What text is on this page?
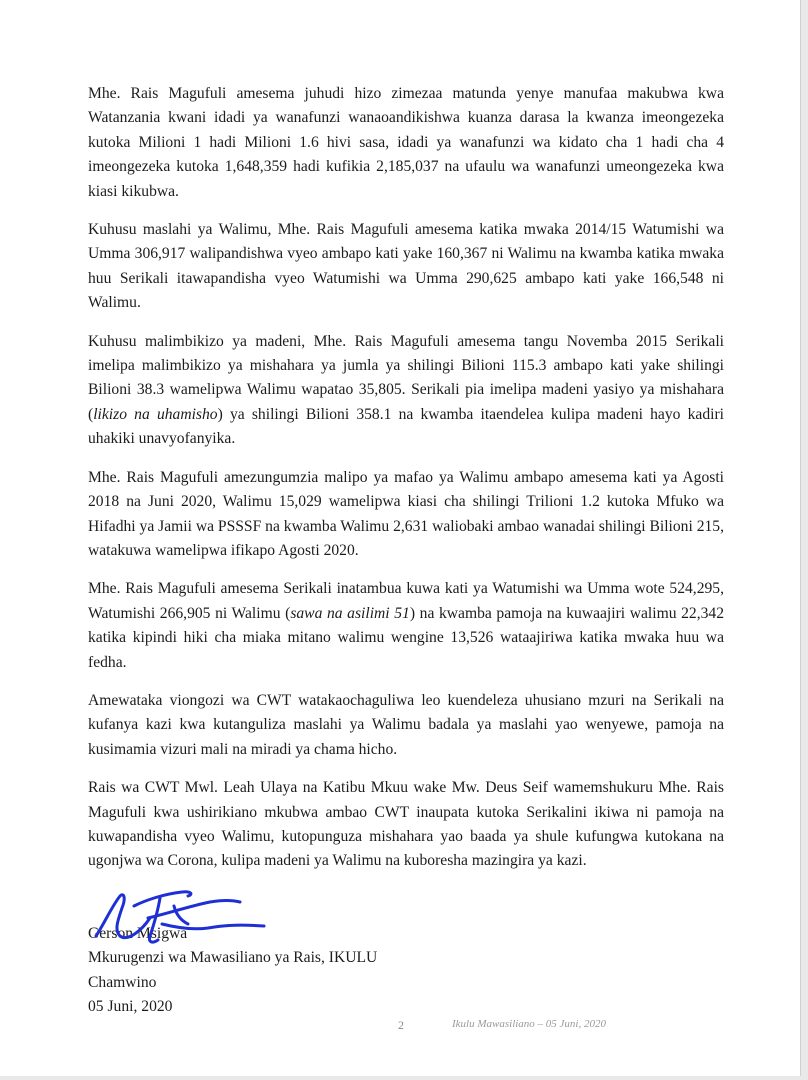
Mhe. Rais Magufuli amesema juhudi hizo zimezaa matunda yenye manufaa makubwa kwa Watanzania kwani idadi ya wanafunzi wanaoandikishwa kuanza darasa la kwanza imeongezeka kutoka Milioni 1 hadi Milioni 1.6 hivi sasa, idadi ya wanafunzi wa kidato cha 1 hadi cha 4 imeongezeka kutoka 1,648,359 hadi kufikia 2,185,037 na ufaulu wa wanafunzi umeongezeka kwa kiasi kikubwa.

Kuhusu maslahi ya Walimu, Mhe. Rais Magufuli amesema katika mwaka 2014/15 Watumishi wa Umma 306,917 walipandishwa vyeo ambapo kati yake 160,367 ni Walimu na kwamba katika mwaka huu Serikali itawapandisha vyeo Watumishi wa Umma 290,625 ambapo kati yake 166,548 ni Walimu.

Kuhusu malimbikizo ya madeni, Mhe. Rais Magufuli amesema tangu Novemba 2015 Serikali imelipa malimbikizo ya mishahara ya jumla ya shilingi Bilioni 115.3 ambapo kati yake shilingi Bilioni 38.3 wamelipwa Walimu wapatao 35,805. Serikali pia imelipa madeni yasiyo ya mishahara (likizo na uhamisho) ya shilingi Bilioni 358.1 na kwamba itaendelea kulipa madeni hayo kadiri uhakiki unavyofanyika.

Mhe. Rais Magufuli amezungumzia malipo ya mafao ya Walimu ambapo amesema kati ya Agosti 2018 na Juni 2020, Walimu 15,029 wamelipwa kiasi cha shilingi Trilioni 1.2 kutoka Mfuko wa Hifadhi ya Jamii wa PSSSF na kwamba Walimu 2,631 waliobaki ambao wanadai shilingi Bilioni 215, watakuwa wamelipwa ifikapo Agosti 2020.

Mhe. Rais Magufuli amesema Serikali inatambua kuwa kati ya Watumishi wa Umma wote 524,295, Watumishi 266,905 ni Walimu (sawa na asilimi 51) na kwamba pamoja na kuwaajiri walimu 22,342 katika kipindi hiki cha miaka mitano walimu wengine 13,526 wataajiriwa katika mwaka huu wa fedha.

Amewataka viongozi wa CWT watakaochaguliwa leo kuendeleza uhusiano mzuri na Serikali na kufanya kazi kwa kutanguliza maslahi ya Walimu badala ya maslahi yao wenyewe, pamoja na kusimamia vizuri mali na miradi ya chama hicho.

Rais wa CWT Mwl. Leah Ulaya na Katibu Mkuu wake Mw. Deus Seif wamemshukuru Mhe. Rais Magufuli kwa ushirikiano mkubwa ambao CWT inaupata kutoka Serikalini ikiwa ni pamoja na kuwapandisha vyeo Walimu, kutopunguza mishahara yao baada ya shule kufungwa kutokana na ugonjwa wa Corona, kulipa madeni ya Walimu na kuboresha mazingira ya kazi.

Gerson Msigwa
Mkurugenzi wa Mawasiliano ya Rais, IKULU
Chamwino
05 Juni, 2020
2	Ikulu Mawasiliano – 05 Juni, 2020
